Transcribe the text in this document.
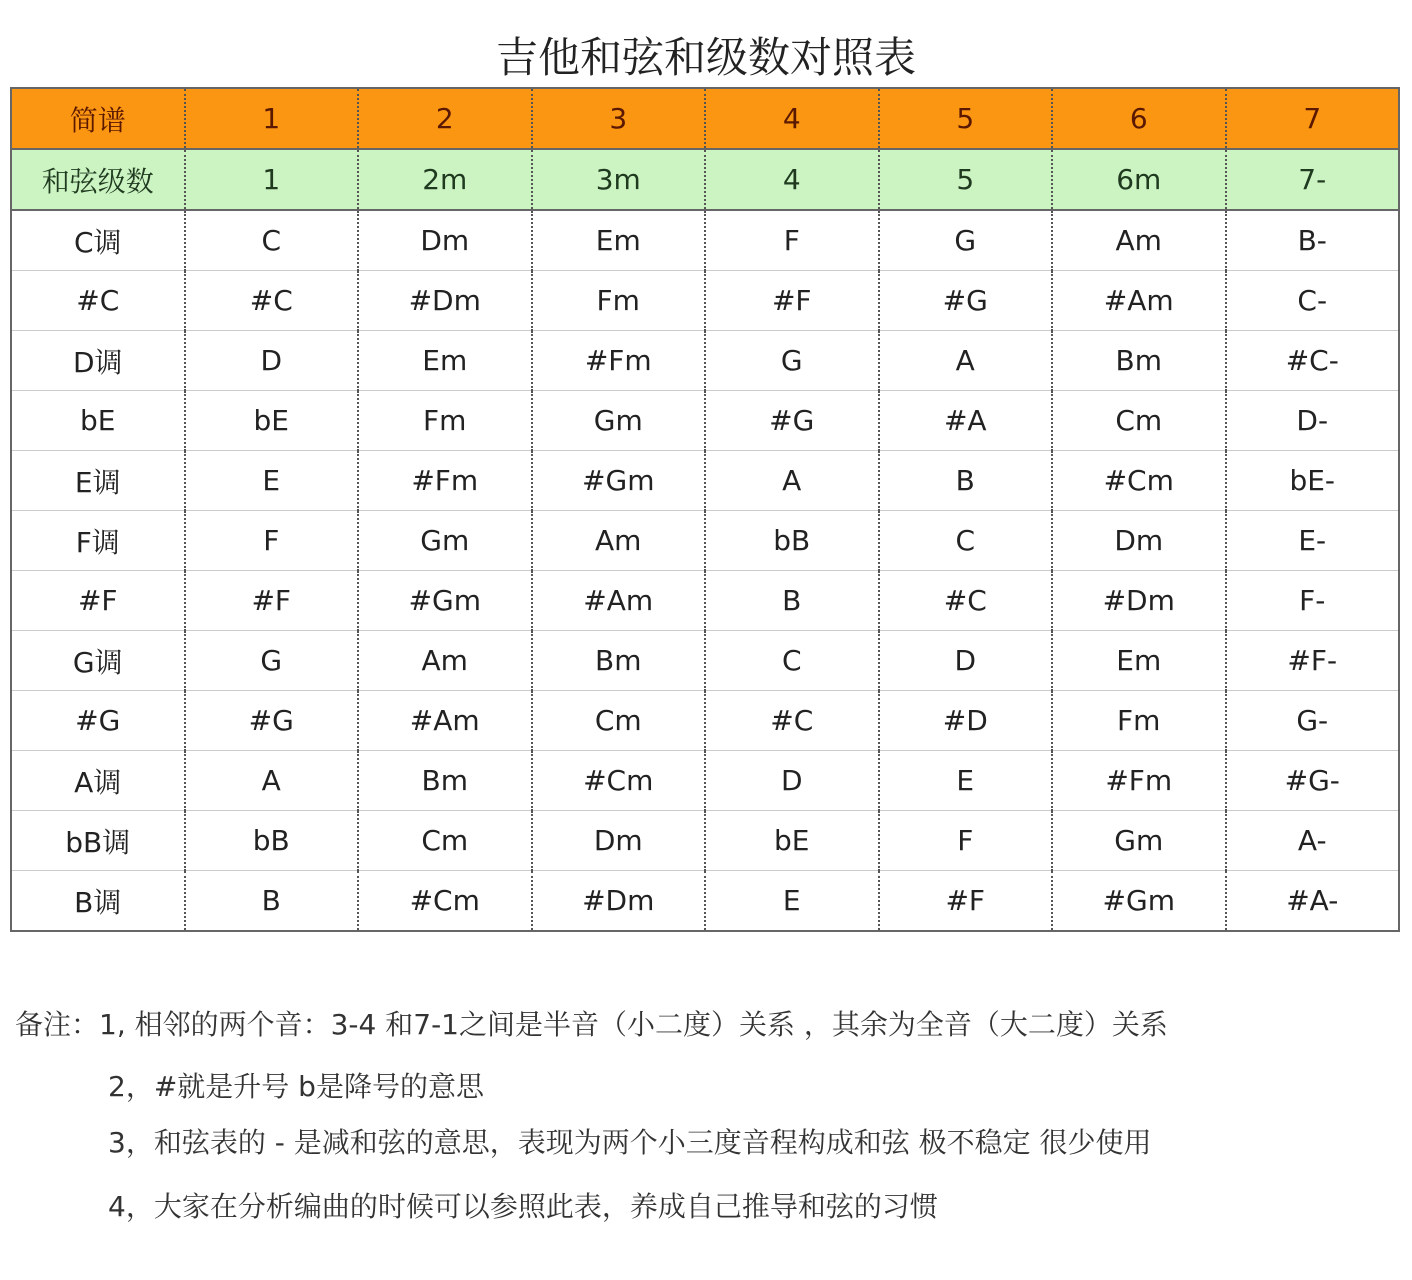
吉他和弦和级数对照表
简谱	1	2	3	4	5	6	7
和弦级数	1	2m	3m	4	5	6m	7-
C调	C	Dm	Em	F	G	Am	B-
#C	#C	#Dm	Fm	#F	#G	#Am	C-
D调	D	Em	#Fm	G	A	Bm	#C-
bE	bE	Fm	Gm	#G	#A	Cm	D-
E调	E	#Fm	#Gm	A	B	#Cm	bE-
F调	F	Gm	Am	bB	C	Dm	E-
#F	#F	#Gm	#Am	B	#C	#Dm	F-
G调	G	Am	Bm	C	D	Em	#F-
#G	#G	#Am	Cm	#C	#D	Fm	G-
A调	A	Bm	#Cm	D	E	#Fm	#G-
bB调	bB	Cm	Dm	bE	F	Gm	A-
B调	B	#Cm	#Dm	E	#F	#Gm	#A-
备注：1, 相邻的两个音：3-4 和7-1之间是半音（小二度）关系 ，其余为全音（大二度）关系
2，#就是升号 b是降号的意思
3，和弦表的 - 是减和弦的意思，表现为两个小三度音程构成和弦 极不稳定 很少使用
4，大家在分析编曲的时候可以参照此表，养成自己推导和弦的习惯
